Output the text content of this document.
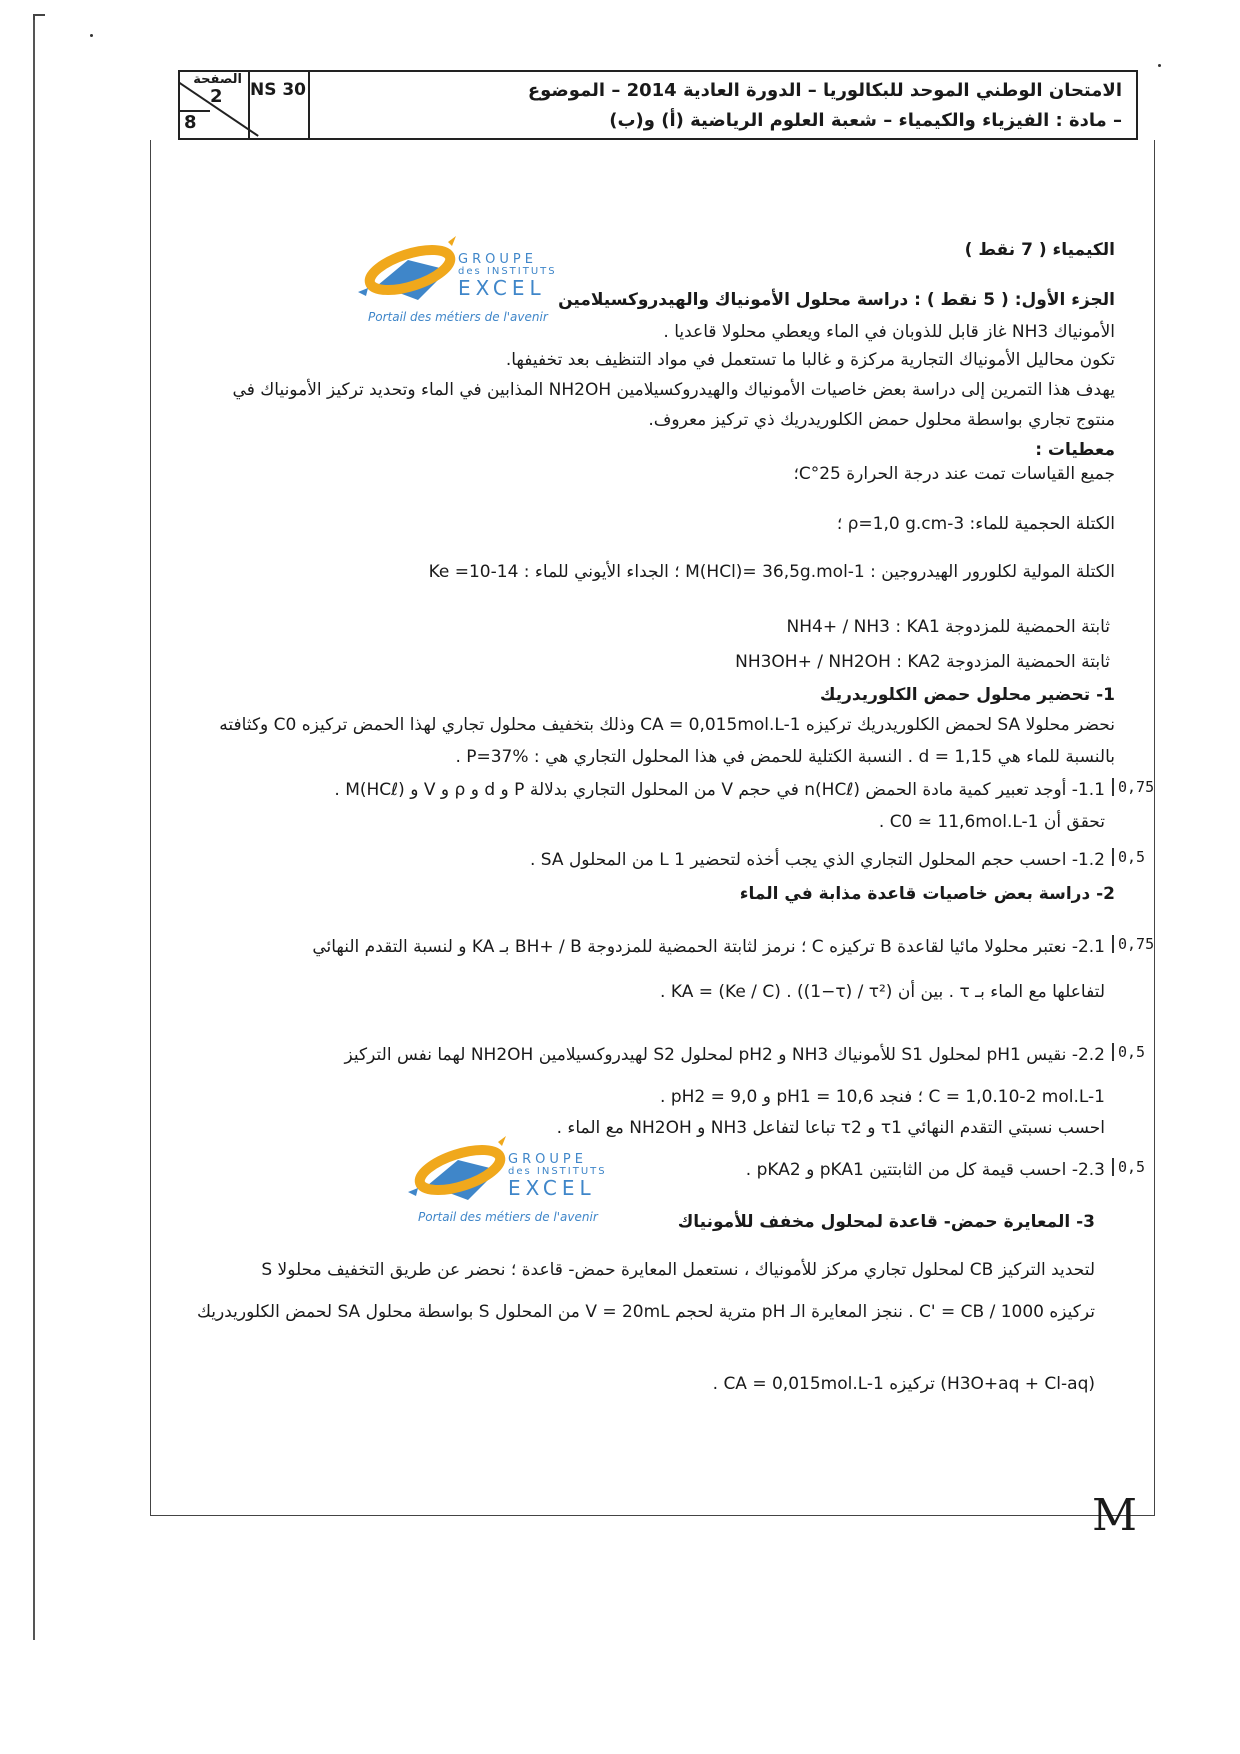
الصفحة
2
8
NS 30	الامتحان الوطني الموحد للبكالوريا – الدورة العادية 2014 – الموضوع
– مادة : الفيزياء والكيمياء – شعبة العلوم الرياضية (أ) و(ب)
GROUPE
des INSTITUTS
EXCEL
Portail des métiers de l'avenir
GROUPE
des INSTITUTS
EXCEL
Portail des métiers de l'avenir
الكيمياء ( 7 نقط )
الجزء الأول: ( 5 نقط ) : دراسة محلول الأمونياك والهيدروكسيلامين
الأمونياك NH3 غاز قابل للذوبان في الماء ويعطي محلولا قاعديا .
تكون محاليل الأمونياك التجارية مركزة و غالبا ما تستعمل في مواد التنظيف بعد تخفيفها.
يهدف هذا التمرين إلى دراسة بعض خاصيات الأمونياك والهيدروكسيلامين NH2OH المذابين في الماء وتحديد تركيز الأمونياك في
منتوج تجاري بواسطة محلول حمض الكلوريدريك ذي تركيز معروف.
معطيات :
جميع القياسات تمت عند درجة الحرارة 25°C؛
الكتلة الحجمية للماء: ρ=1,0 g.cm-3 ؛
الكتلة المولية لكلورور الهيدروجين : M(HCl)= 36,5g.mol-1 ؛ الجداء الأيوني للماء : Ke =10-14
ثابتة الحمضية للمزدوجة NH4+ / NH3 : KA1
ثابتة الحمضية المزدوجة NH3OH+ / NH2OH : KA2
1- تحضير محلول حمض الكلوريدريك
نحضر محلولا SA لحمض الكلوريدريك تركيزه CA = 0,015mol.L-1 وذلك بتخفيف محلول تجاري لهذا الحمض تركيزه C0 وكثافته
بالنسبة للماء هي d = 1,15 . النسبة الكتلية للحمض في هذا المحلول التجاري هي : P=37% .
1.1- أوجد تعبير كمية مادة الحمض n(HCℓ) في حجم V من المحلول التجاري بدلالة P و d و ρ و V و M(HCℓ) .
تحقق أن C0 ≃ 11,6mol.L-1 .
1.2- احسب حجم المحلول التجاري الذي يجب أخذه لتحضير 1 L من المحلول SA .
2- دراسة بعض خاصيات قاعدة مذابة في الماء
2.1- نعتبر محلولا مائيا لقاعدة B تركيزه C ؛ نرمز لثابتة الحمضية للمزدوجة BH+ / B بـ KA و لنسبة التقدم النهائي
لتفاعلها مع الماء بـ τ . بين أن KA = (Ke / C) . ((1−τ) / τ²) .
2.2- نقيس pH1 لمحلول S1 للأمونياك NH3 و pH2 لمحلول S2 لهيدروكسيلامين NH2OH لهما نفس التركيز
C = 1,0.10-2 mol.L-1 ؛ فنجد pH1 = 10,6 و pH2 = 9,0 .
احسب نسبتي التقدم النهائي τ1 و τ2 تباعا لتفاعل NH3 و NH2OH مع الماء .
2.3- احسب قيمة كل من الثابتتين pKA1 و pKA2 .
3- المعايرة حمض- قاعدة لمحلول مخفف للأمونياك
لتحديد التركيز CB لمحلول تجاري مركز للأمونياك ، نستعمل المعايرة حمض- قاعدة ؛ نحضر عن طريق التخفيف محلولا S
تركيزه C' = CB / 1000 . ننجز المعايرة الـ pH مترية لحجم V = 20mL من المحلول S بواسطة محلول SA لحمض الكلوريدريك
(H3O+aq + Cl-aq) تركيزه CA = 0,015mol.L-1 .
0,75
0,5
0,75
0,5
0,5
M
